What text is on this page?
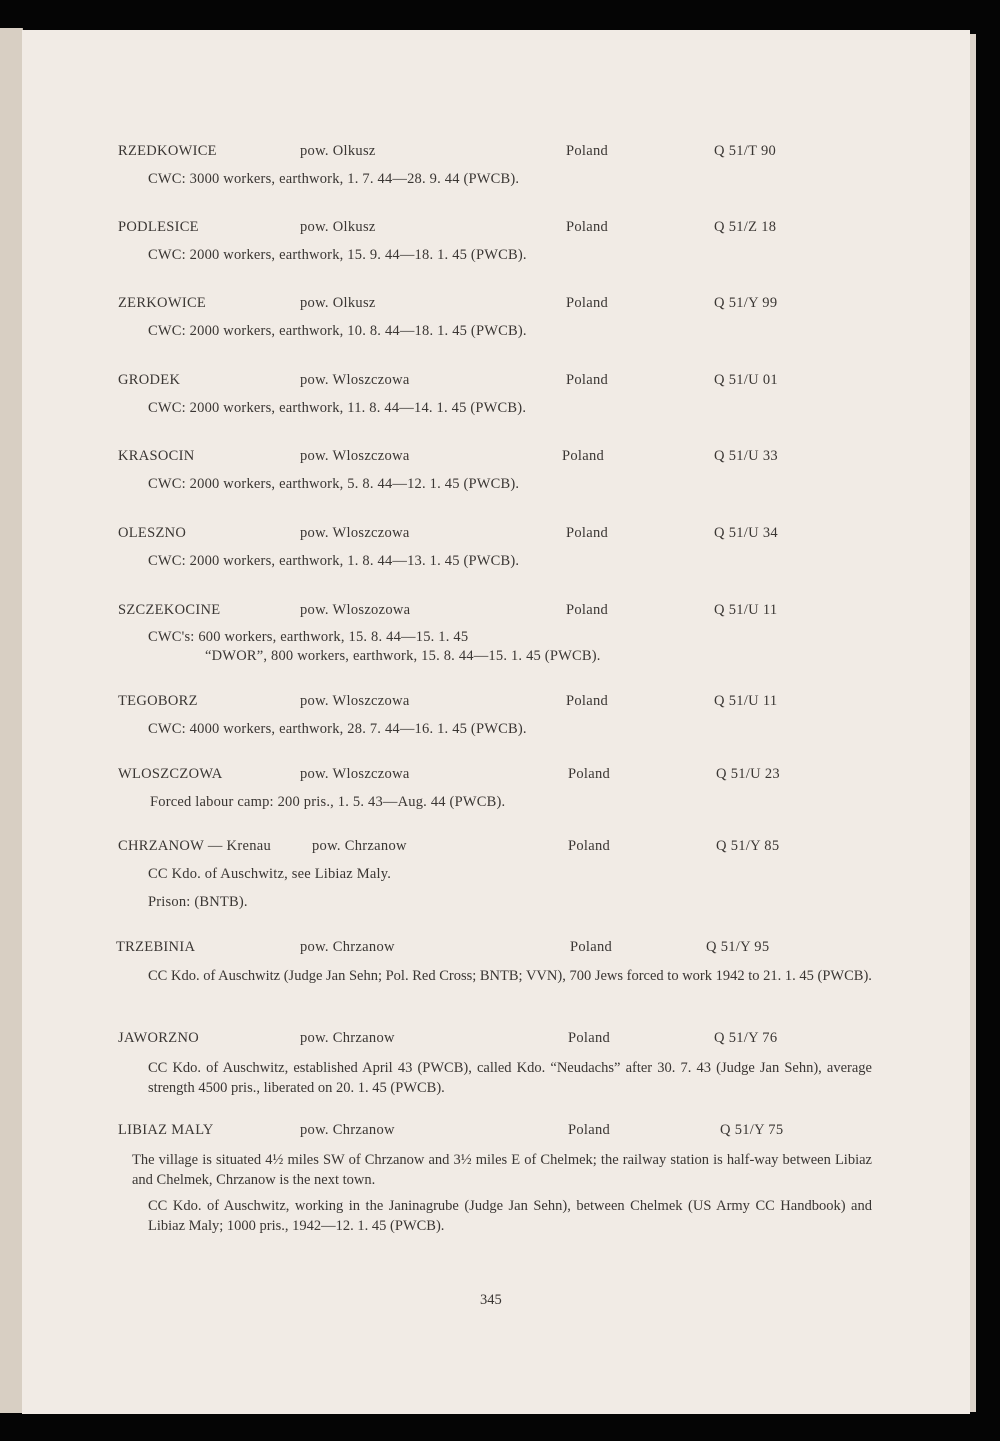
RZEDKOWICE	pow. Olkusz	Poland	Q 51/T 90
CWC: 3000 workers, earthwork, 1. 7. 44—28. 9. 44 (PWCB).
PODLESICE	pow. Olkusz	Poland	Q 51/Z 18
CWC: 2000 workers, earthwork, 15. 9. 44—18. 1. 45 (PWCB).
ZERKOWICE	pow. Olkusz	Poland	Q 51/Y 99
CWC: 2000 workers, earthwork, 10. 8. 44—18. 1. 45 (PWCB).
GRODEK	pow. Wloszczowa	Poland	Q 51/U 01
CWC: 2000 workers, earthwork, 11. 8. 44—14. 1. 45 (PWCB).
KRASOCIN	pow. Wloszczowa	Poland	Q 51/U 33
CWC: 2000 workers, earthwork, 5. 8. 44—12. 1. 45 (PWCB).
OLESZNO	pow. Wloszczowa	Poland	Q 51/U 34
CWC: 2000 workers, earthwork, 1. 8. 44—13. 1. 45 (PWCB).
SZCZEKOCINE	pow. Wloszozowa	Poland	Q 51/U 11
CWC's: 600 workers, earthwork, 15. 8. 44—15. 1. 45
“DWOR”, 800 workers, earthwork, 15. 8. 44—15. 1. 45 (PWCB).
TEGOBORZ	pow. Wloszczowa	Poland	Q 51/U 11
CWC: 4000 workers, earthwork, 28. 7. 44—16. 1. 45 (PWCB).
WLOSZCZOWA	pow. Wloszczowa	Poland	Q 51/U 23
Forced labour camp: 200 pris., 1. 5. 43—Aug. 44 (PWCB).
CHRZANOW — Krenau	pow. Chrzanow	Poland	Q 51/Y 85
CC Kdo. of Auschwitz, see Libiaz Maly.
Prison: (BNTB).
TRZEBINIA	pow. Chrzanow	Poland	Q 51/Y 95
CC Kdo. of Auschwitz (Judge Jan Sehn; Pol. Red Cross; BNTB; VVN), 700 Jews forced to work 1942 to 21. 1. 45 (PWCB).
JAWORZNO	pow. Chrzanow	Poland	Q 51/Y 76
CC Kdo. of Auschwitz, established April 43 (PWCB), called Kdo. “Neudachs” after 30. 7. 43 (Judge Jan Sehn), average strength 4500 pris., liberated on 20. 1. 45 (PWCB).
LIBIAZ MALY	pow. Chrzanow	Poland	Q 51/Y 75
The village is situated 4½ miles SW of Chrzanow and 3½ miles E of Chelmek; the railway station is half-way between Libiaz and Chelmek, Chrzanow is the next town.
CC Kdo. of Auschwitz, working in the Janinagrube (Judge Jan Sehn), between Chelmek (US Army CC Handbook) and Libiaz Maly; 1000 pris., 1942—12. 1. 45 (PWCB).
345
